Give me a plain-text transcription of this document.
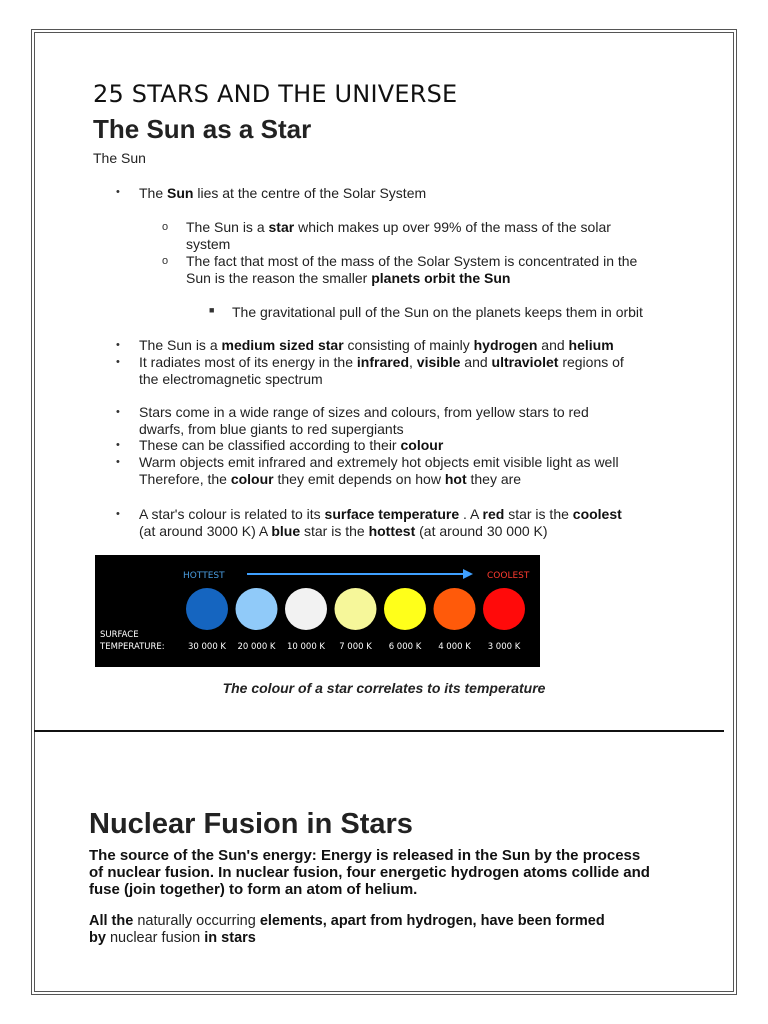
25 STARS AND THE UNIVERSE
The Sun as a Star
The Sun
• The Sun lies at the centre of the Solar System
o The Sun is a star which makes up over 99% of the mass of the solar
system
o The fact that most of the mass of the Solar System is concentrated in the
Sun is the reason the smaller planets orbit the Sun
■ The gravitational pull of the Sun on the planets keeps them in orbit
• The Sun is a medium sized star consisting of mainly hydrogen and helium
• It radiates most of its energy in the infrared, visible and ultraviolet regions of
the electromagnetic spectrum
• Stars come in a wide range of sizes and colours, from yellow stars to red
dwarfs, from blue giants to red supergiants
• These can be classified according to their colour
• Warm objects emit infrared and extremely hot objects emit visible light as well
Therefore, the colour they emit depends on how hot they are
• A star's colour is related to its surface temperature . A red star is the coolest
(at around 3000 K) A blue star is the hottest (at around 30 000 K)
HOTTEST	COOLEST
SURFACE
TEMPERATURE:	30 000 K 20 000 K 10 000 K 7 000 K 6 000 K 4 000 K 3 000 K
The colour of a star correlates to its temperature
Nuclear Fusion in Stars
The source of the Sun's energy: Energy is released in the Sun by the process
of nuclear fusion. In nuclear fusion, four energetic hydrogen atoms collide and
fuse (join together) to form an atom of helium.
All the naturally occurring elements, apart from hydrogen, have been formed
by nuclear fusion in stars
